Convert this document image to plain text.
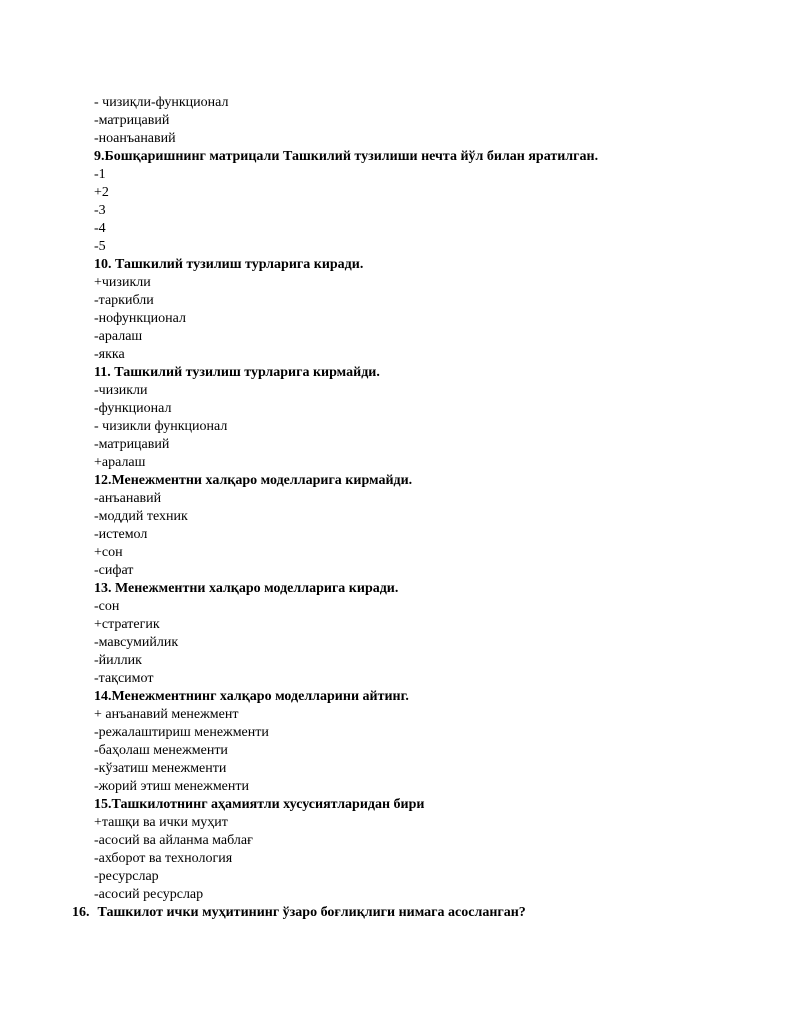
- чизиқли-функционал
-матрицавий
-ноанъанавий
9.Бошқаришнинг матрицали Ташкилий тузилиши нечта йўл билан яратилган.
-1
+2
-3
-4
-5
10. Ташкилий тузилиш турларига киради.
+чизикли
-таркибли
-нофункционал
-аралаш
-якка
11. Ташкилий тузилиш турларига кирмайди.
-чизикли
-функционал
- чизикли функционал
-матрицавий
+аралаш
12.Менежментни халқаро моделларига кирмайди.
-анъанавий
-моддий техник
-истемол
+сон
-сифат
13. Менежментни халқаро моделларига киради.
-сон
+стратегик
-мавсумийлик
-йиллик
-тақсимот
14.Менежментнинг халқаро моделларини айтинг.
+ анъанавий менежмент
-режалаштириш менежменти
-баҳолаш менежменти
-кўзатиш менежменти
-жорий этиш менежменти
15.Ташкилотнинг аҳамиятли хусусиятларидан бири
+ташқи ва ички муҳит
-асосий ва айланма маблағ
-ахборот ва технология
-ресурслар
-асосий ресурслар
16. Ташкилот ички муҳитининг ўзаро боғлиқлиги нимага асосланган?
